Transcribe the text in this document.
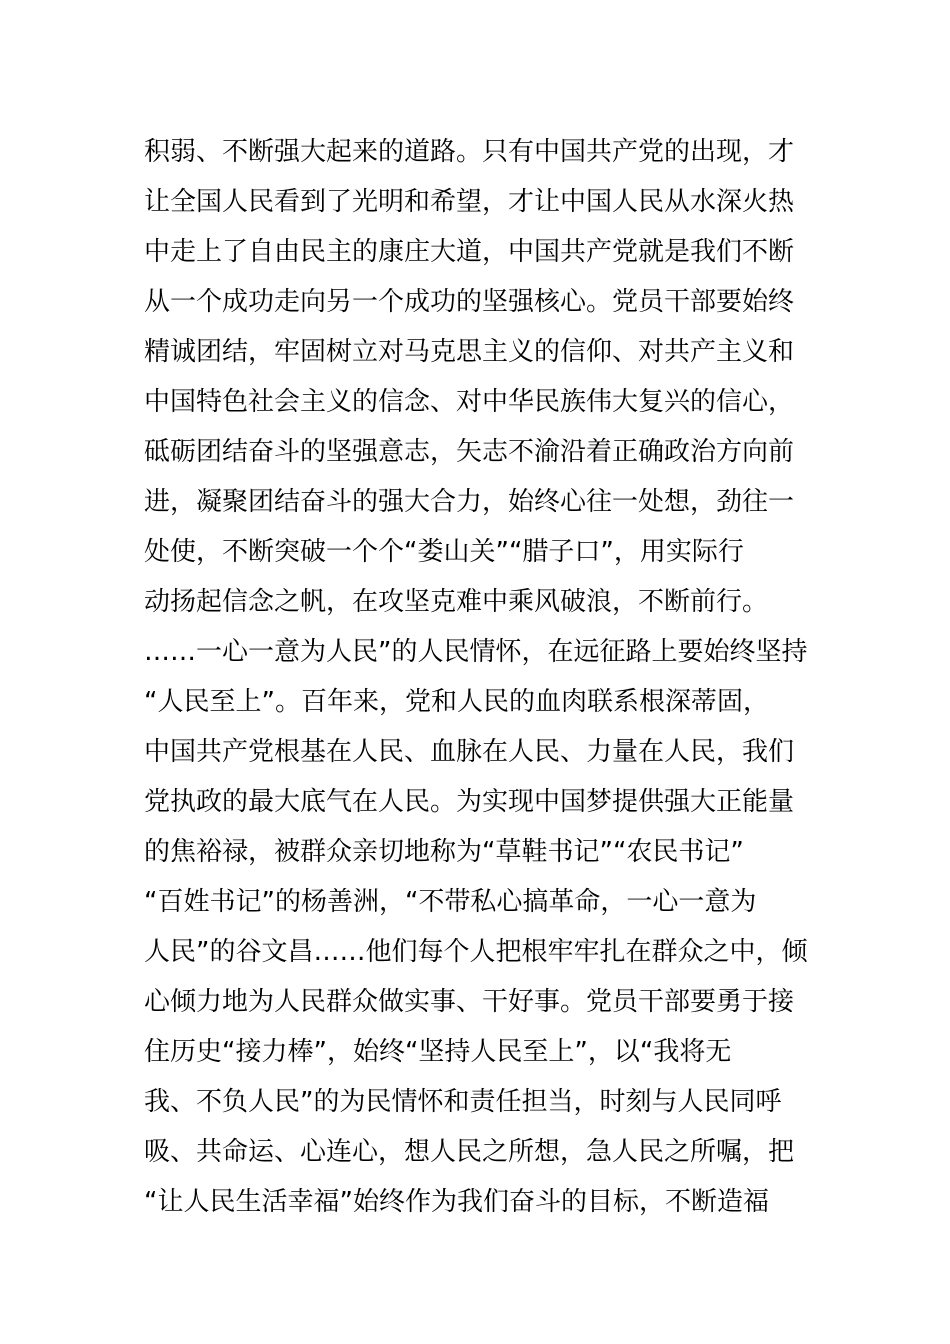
积弱、不断强大起来的道路。只有中国共产党的出现，才
让全国人民看到了光明和希望，才让中国人民从水深火热
中走上了自由民主的康庄大道，中国共产党就是我们不断
从一个成功走向另一个成功的坚强核心。党员干部要始终
精诚团结，牢固树立对马克思主义的信仰、对共产主义和
中国特色社会主义的信念、对中华民族伟大复兴的信心，
砥砺团结奋斗的坚强意志，矢志不渝沿着正确政治方向前
进，凝聚团结奋斗的强大合力，始终心往一处想，劲往一
处使，不断突破一个个“娄山关”“腊子口”，用实际行
动扬起信念之帆，在攻坚克难中乘风破浪，不断前行。
……一心一意为人民”的人民情怀，在远征路上要始终坚持
“人民至上”。百年来，党和人民的血肉联系根深蒂固，
中国共产党根基在人民、血脉在人民、力量在人民，我们
党执政的最大底气在人民。为实现中国梦提供强大正能量
的焦裕禄，被群众亲切地称为“草鞋书记”“农民书记”
“百姓书记”的杨善洲，“不带私心搞革命，一心一意为
人民”的谷文昌……他们每个人把根牢牢扎在群众之中，倾
心倾力地为人民群众做实事、干好事。党员干部要勇于接
住历史“接力棒”，始终“坚持人民至上”，以“我将无
我、不负人民”的为民情怀和责任担当，时刻与人民同呼
吸、共命运、心连心，想人民之所想，急人民之所嘱，把
“让人民生活幸福”始终作为我们奋斗的目标，不断造福
